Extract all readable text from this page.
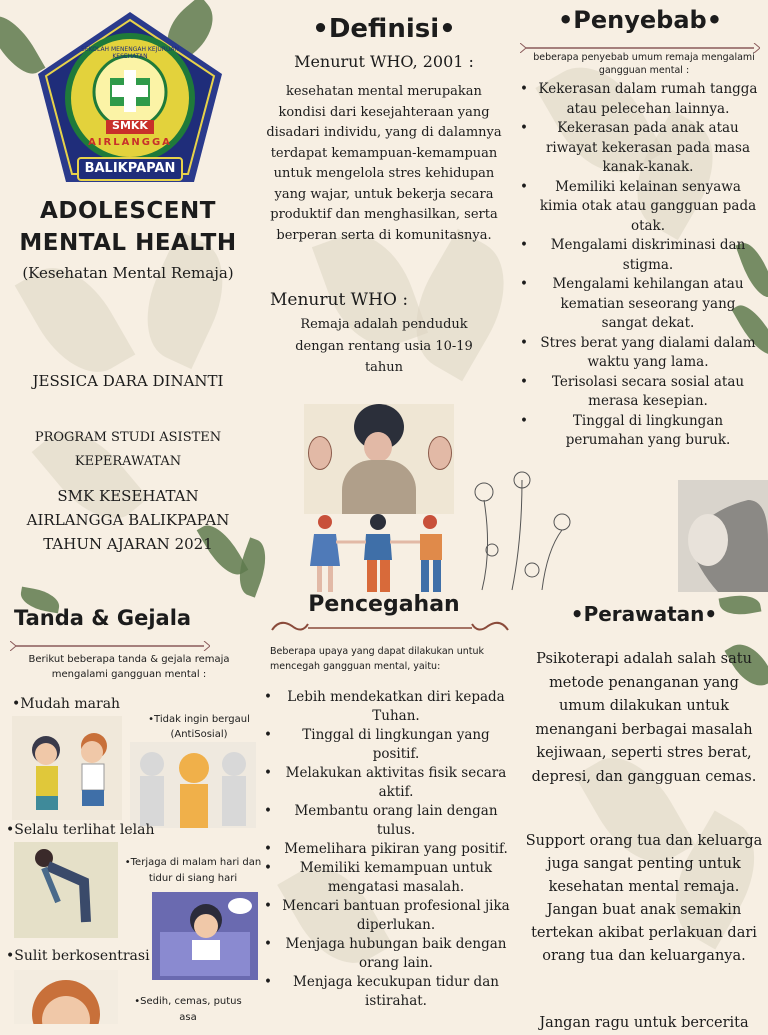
SMKK
AIRLANGGA
BALIKPAPAN
SEKOLAH MENENGAH KEJURUAN KESEHATAN
ADOLESCENT
MENTAL HEALTH
(Kesehatan Mental Remaja)
JESSICA DARA DINANTI
PROGRAM STUDI ASISTEN
KEPERAWATAN
SMK KESEHATAN
AIRLANGGA BALIKPAPAN
TAHUN AJARAN 2021
•Definisi•
Menurut WHO, 2001 :
kesehatan mental merupakan kondisi dari kesejahteraan yang disadari individu, yang di dalamnya terdapat kemampuan-kemampuan untuk mengelola stres kehidupan yang wajar, untuk bekerja secara produktif dan menghasilkan, serta berperan serta di komunitasnya.
Menurut WHO :
Remaja adalah penduduk dengan rentang usia 10-19 tahun
•Penyebab•
beberapa penyebab umum remaja mengalami gangguan mental :
• Kekerasan dalam rumah tangga atau pelecehan lainnya.
• Kekerasan pada anak atau riwayat kekerasan pada masa kanak-kanak.
• Memiliki kelainan senyawa kimia otak atau gangguan pada otak.
• Mengalami diskriminasi dan stigma.
• Mengalami kehilangan atau kematian seseorang yang sangat dekat.
• Stres berat yang dialami dalam waktu yang lama.
• Terisolasi secara sosial atau merasa kesepian.
• Tinggal di lingkungan perumahan yang buruk.
Tanda & Gejala
Berikut beberapa tanda & gejala remaja mengalami gangguan mental :
•Mudah marah
•Tidak ingin bergaul (AntiSosial)
•Selalu terlihat lelah
•Terjaga di malam hari dan tidur di siang hari
•Sulit berkosentrasi
•Sedih, cemas, putus asa
Pencegahan
Beberapa upaya yang dapat dilakukan untuk mencegah gangguan mental, yaitu:
• Lebih mendekatkan diri kepada Tuhan.
• Tinggal di lingkungan yang positif.
• Melakukan aktivitas fisik secara aktif.
• Membantu orang lain dengan tulus.
• Memelihara pikiran yang positif.
• Memiliki kemampuan untuk mengatasi masalah.
• Mencari bantuan profesional jika diperlukan.
• Menjaga hubungan baik dengan orang lain.
• Menjaga kecukupan tidur dan istirahat.
•Perawatan•
Psikoterapi adalah salah satu metode penanganan yang umum dilakukan untuk menangani berbagai masalah kejiwaan, seperti stres berat, depresi, dan gangguan cemas.
Support orang tua dan keluarga juga sangat penting untuk kesehatan mental remaja. Jangan buat anak semakin tertekan akibat perlakuan dari orang tua dan keluarganya.
Jangan ragu untuk bercerita
